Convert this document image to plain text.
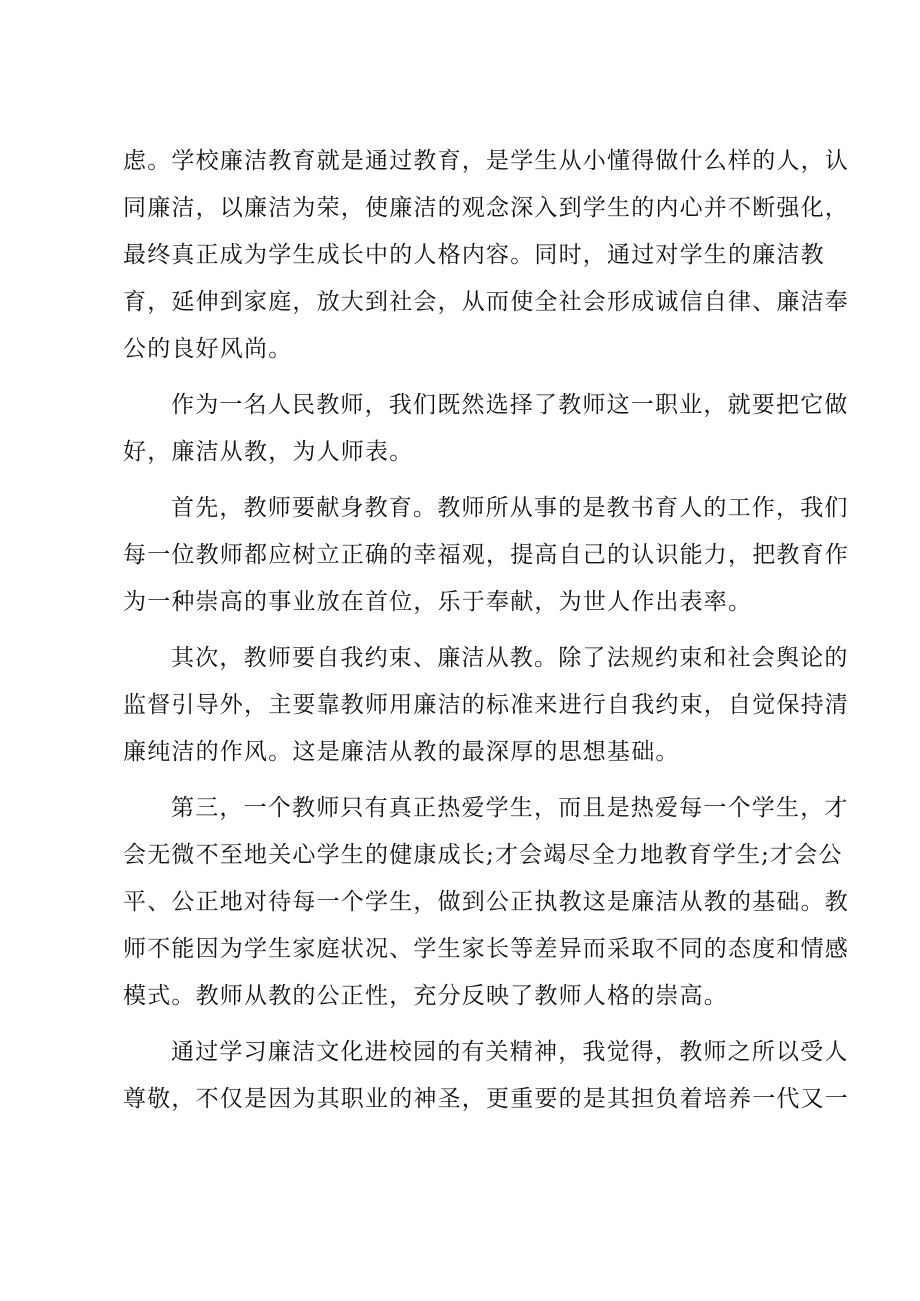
虑。学校廉洁教育就是通过教育，是学生从小懂得做什么样的人，认
同廉洁，以廉洁为荣，使廉洁的观念深入到学生的内心并不断强化，
最终真正成为学生成长中的人格内容。同时，通过对学生的廉洁教
育，延伸到家庭，放大到社会，从而使全社会形成诚信自律、廉洁奉
公的良好风尚。
作为一名人民教师，我们既然选择了教师这一职业，就要把它做
好，廉洁从教，为人师表。
首先，教师要献身教育。教师所从事的是教书育人的工作，我们
每一位教师都应树立正确的幸福观，提高自己的认识能力，把教育作
为一种崇高的事业放在首位，乐于奉献，为世人作出表率。
其次，教师要自我约束、廉洁从教。除了法规约束和社会舆论的
监督引导外，主要靠教师用廉洁的标准来进行自我约束，自觉保持清
廉纯洁的作风。这是廉洁从教的最深厚的思想基础。
第三，一个教师只有真正热爱学生，而且是热爱每一个学生，才
会无微不至地关心学生的健康成长;才会竭尽全力地教育学生;才会公
平、公正地对待每一个学生，做到公正执教这是廉洁从教的基础。教
师不能因为学生家庭状况、学生家长等差异而采取不同的态度和情感
模式。教师从教的公正性，充分反映了教师人格的崇高。
通过学习廉洁文化进校园的有关精神，我觉得，教师之所以受人
尊敬，不仅是因为其职业的神圣，更重要的是其担负着培养一代又一
